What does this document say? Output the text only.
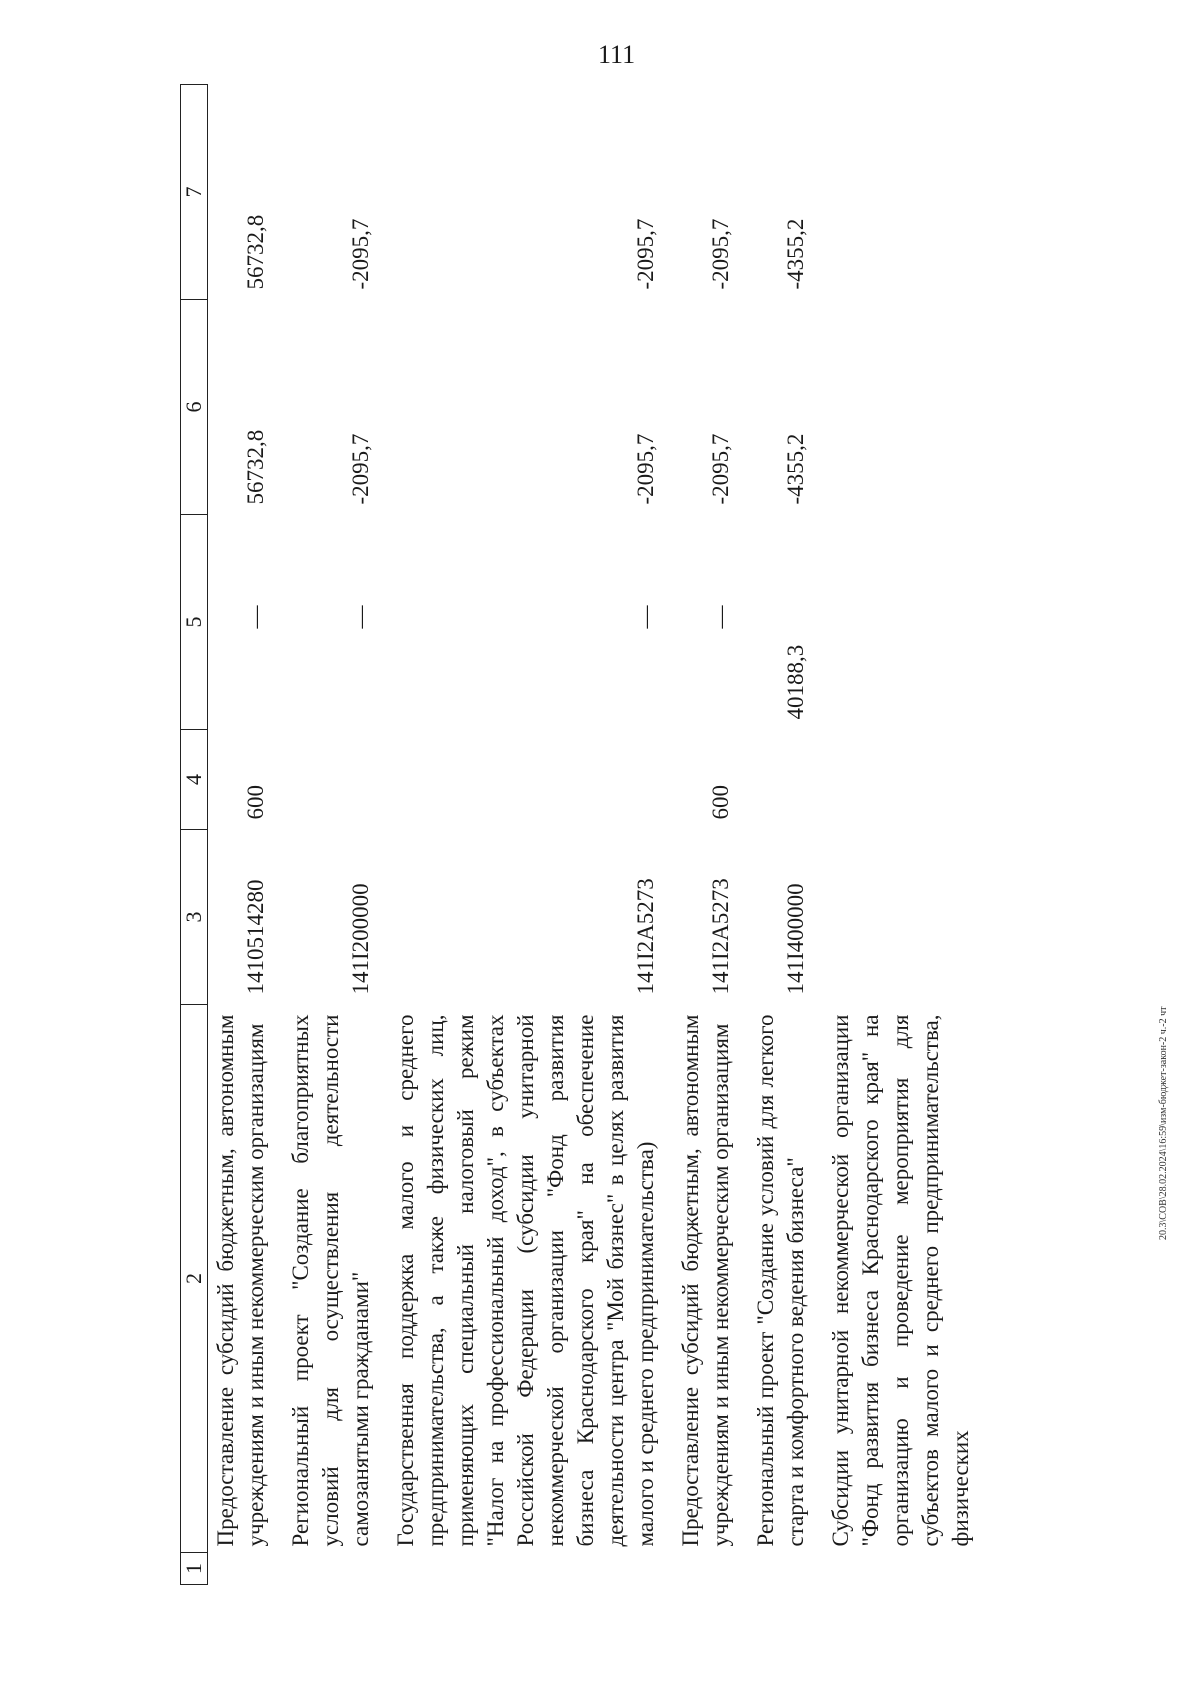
111
20.3\СОВ\28.02.2024\16:59\изм-бюджет-закон-2 ч.-2 чт
1	2	3	4	5	6	7
	Предоставление субсидий бюджетным, автономным учреждениям и иным некоммерческим организациям	1410514280	600	—	56732,8	56732,8

	Региональный проект "Создание благоприятных условий для осуществления деятельности самозанятыми гражданами"	141I200000		—	-2095,7	-2095,7

	Государственная поддержка малого и среднего предпринимательства, а также физических лиц, применяющих специальный налоговый режим "Налог на профессиональный доход", в субъектах Российской Федерации (субсидии унитарной некоммерческой организации "Фонд развития бизнеса Краснодарского края" на обеспечение деятельности центра "Мой бизнес" в целях развития малого и среднего предпринимательства)	141I2A5273		—	-2095,7	-2095,7

	Предоставление субсидий бюджетным, автономным учреждениям и иным некоммерческим организациям	141I2A5273	600	—	-2095,7	-2095,7

	Региональный проект "Создание условий для легкого старта и комфортного ведения бизнеса"	141I400000		40188,3	-4355,2	-4355,2

	Субсидии унитарной некоммерческой организации "Фонд развития бизнеса Краснодарского края" на организацию и проведение мероприятия для субъектов малого и среднего предпринимательства, физических					
